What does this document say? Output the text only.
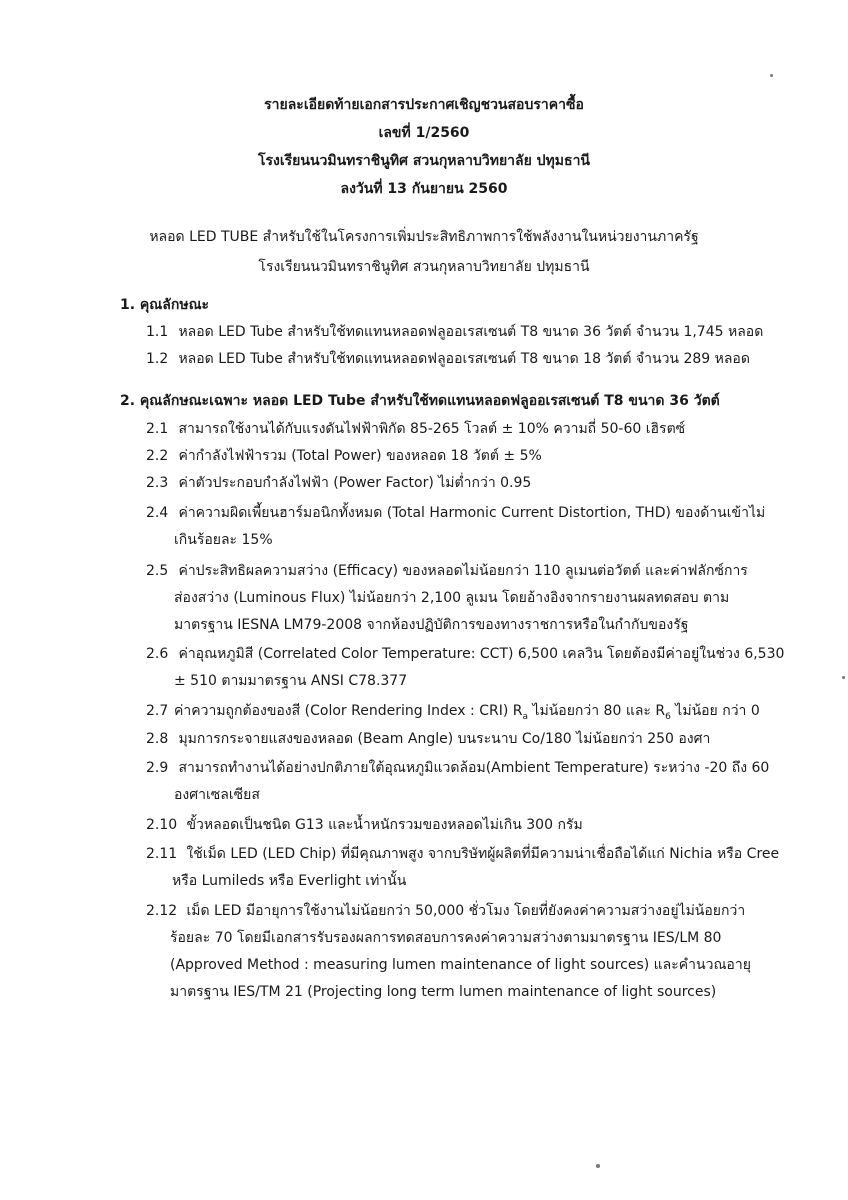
รายละเอียดท้ายเอกสารประกาศเชิญชวนสอบราคาซื้อ
เลขที่ 1/2560
โรงเรียนนวมินทราชินูทิศ สวนกุหลาบวิทยาลัย ปทุมธานี
ลงวันที่ 13 กันยายน 2560
หลอด LED TUBE สำหรับใช้ในโครงการเพิ่มประสิทธิภาพการใช้พลังงานในหน่วยงานภาครัฐ
โรงเรียนนวมินทราชินูทิศ สวนกุหลาบวิทยาลัย ปทุมธานี
1. คุณลักษณะ
1.1 หลอด LED Tube สำหรับใช้ทดแทนหลอดฟลูออเรสเซนต์ T8 ขนาด 36 วัตต์ จำนวน 1,745 หลอด
1.2 หลอด LED Tube สำหรับใช้ทดแทนหลอดฟลูออเรสเซนต์ T8 ขนาด 18 วัตต์ จำนวน 289 หลอด
2. คุณลักษณะเฉพาะ หลอด LED Tube สำหรับใช้ทดแทนหลอดฟลูออเรสเซนต์ T8 ขนาด 36 วัตต์
2.1 สามารถใช้งานได้กับแรงดันไฟฟ้าพิกัด 85-265 โวลต์ ± 10% ความถี่ 50-60 เฮิรตซ์
2.2 ค่ากำลังไฟฟ้ารวม (Total Power) ของหลอด 18 วัตต์ ± 5%
2.3 ค่าตัวประกอบกำลังไฟฟ้า (Power Factor) ไม่ต่ำกว่า 0.95
2.4 ค่าความผิดเพี้ยนฮาร์มอนิกทั้งหมด (Total Harmonic Current Distortion, THD) ของด้านเข้าไม่
เกินร้อยละ 15%
2.5 ค่าประสิทธิผลความสว่าง (Efficacy) ของหลอดไม่น้อยกว่า 110 ลูเมนต่อวัตต์ และค่าฟลักซ์การ
ส่องสว่าง (Luminous Flux) ไม่น้อยกว่า 2,100 ลูเมน โดยอ้างอิงจากรายงานผลทดสอบ ตาม
มาตรฐาน IESNA LM79-2008 จากห้องปฏิบัติการของทางราชการหรือในกำกับของรัฐ
2.6 ค่าอุณหภูมิสี (Correlated Color Temperature: CCT) 6,500 เคลวิน โดยต้องมีค่าอยู่ในช่วง 6,530
± 510 ตามมาตรฐาน ANSI C78.377
2.7 ค่าความถูกต้องของสี (Color Rendering Index : CRI) $R_a$ ไม่น้อยกว่า 80 และ $R_6$ ไม่น้อย กว่า 0
2.8 มุมการกระจายแสงของหลอด (Beam Angle) บนระนาบ Co/180 ไม่น้อยกว่า 250 องศา
2.9 สามารถทำงานได้อย่างปกติภายใต้อุณหภูมิแวดล้อม(Ambient Temperature) ระหว่าง -20 ถึง 60
องศาเซลเซียส
2.10 ขั้วหลอดเป็นชนิด G13 และน้ำหนักรวมของหลอดไม่เกิน 300 กรัม
2.11 ใช้เม็ด LED (LED Chip) ที่มีคุณภาพสูง จากบริษัทผู้ผลิตที่มีความน่าเชื่อถือได้แก่ Nichia หรือ Cree
หรือ Lumileds หรือ Everlight เท่านั้น
2.12 เม็ด LED มีอายุการใช้งานไม่น้อยกว่า 50,000 ชั่วโมง โดยที่ยังคงค่าความสว่างอยู่ไม่น้อยกว่า
ร้อยละ 70 โดยมีเอกสารรับรองผลการทดสอบการคงค่าความสว่างตามมาตรฐาน IES/LM 80
(Approved Method : measuring lumen maintenance of light sources) และคำนวณอายุ
มาตรฐาน IES/TM 21 (Projecting long term lumen maintenance of light sources)
